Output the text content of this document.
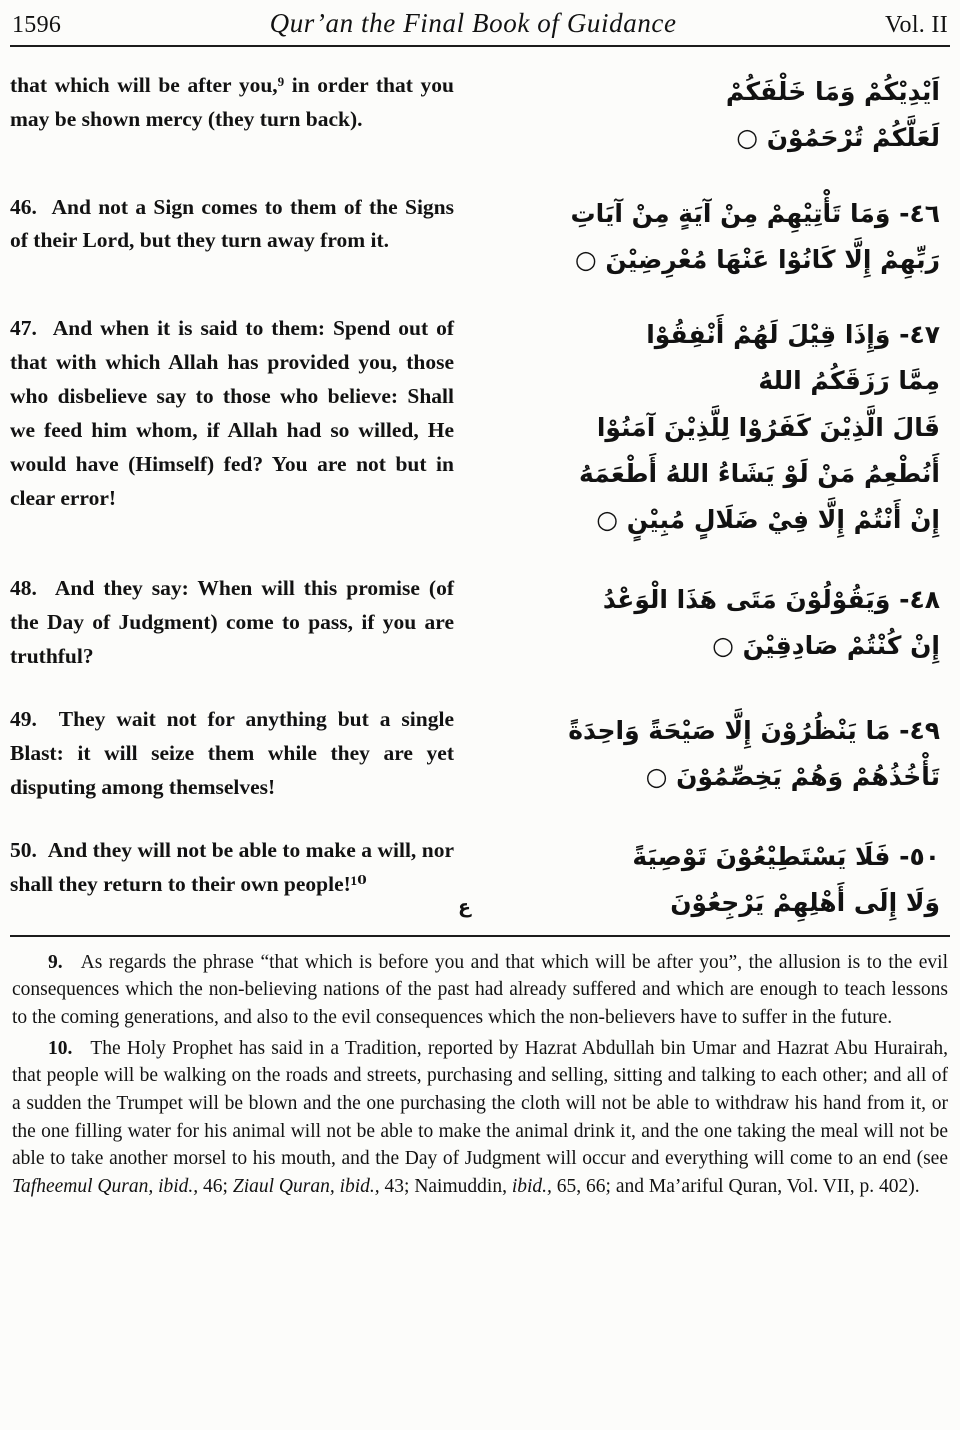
1596	Qur’an the Final Book of Guidance	Vol. II
that which will be after you,⁹ in order that you may be shown mercy (they turn back).
اَيْدِيْكُمْ وَمَا خَلْفَكُمْ
لَعَلَّكُمْ تُرْحَمُوْنَ ○
46.  And not a Sign comes to them of the Signs of their Lord, but they turn away from it.
٤٦- وَمَا تَأْتِيْهِمْ مِنْ آيَةٍ مِنْ آيَاتِ
رَبِّهِمْ إِلَّا كَانُوْا عَنْهَا مُعْرِضِيْنَ ○
47.  And when it is said to them: Spend out of that with which Allah has provided you, those who disbelieve say to those who believe: Shall we feed him whom, if Allah had so willed, He would have (Himself) fed? You are not but in clear error!
٤٧- وَإِذَا قِيْلَ لَهُمْ أَنْفِقُوْا
مِمَّا رَزَقَكُمُ اللهُ
قَالَ الَّذِيْنَ كَفَرُوْا لِلَّذِيْنَ آمَنُوْا
أَنُطْعِمُ مَنْ لَوْ يَشَاءُ اللهُ أَطْعَمَهُ
إِنْ أَنْتُمْ إِلَّا فِيْ ضَلَالٍ مُبِيْنٍ ○
48.  And they say: When will this promise (of the Day of Judgment) come to pass, if you are truthful?
٤٨- وَيَقُوْلُوْنَ مَتَى هَذَا الْوَعْدُ
إِنْ كُنْتُمْ صَادِقِيْنَ ○
49.  They wait not for anything but a single Blast: it will seize them while they are yet disputing among themselves!
٤٩- مَا يَنْظُرُوْنَ إِلَّا صَيْحَةً وَاحِدَةً
تَأْخُذُهُمْ وَهُمْ يَخِصِّمُوْنَ ○
50.  And they will not be able to make a will, nor shall they return to their own people!¹⁰
٥٠- فَلَا يَسْتَطِيْعُوْنَ تَوْصِيَةً
وَلَا إِلَى أَهْلِهِمْ يَرْجِعُوْنَ
ع

9. As regards the phrase “that which is before you and that which will be after you”, the allusion is to the evil consequences which the non-believing nations of the past had already suffered and which are enough to teach lessons to the coming generations, and also to the evil consequences which the non-believers have to suffer in the future.

10. The Holy Prophet has said in a Tradition, reported by Hazrat Abdullah bin Umar and Hazrat Abu Hurairah, that people will be walking on the roads and streets, purchasing and selling, sitting and talking to each other; and all of a sudden the Trumpet will be blown and the one purchasing the cloth will not be able to withdraw his hand from it, or the one filling water for his animal will not be able to make the animal drink it, and the one taking the meal will not be able to take another morsel to his mouth, and the Day of Judgment will occur and everything will come to an end (see Tafheemul Quran, ibid., 46; Ziaul Quran, ibid., 43; Naimuddin, ibid., 65, 66; and Ma’ariful Quran, Vol. VII, p. 402).
